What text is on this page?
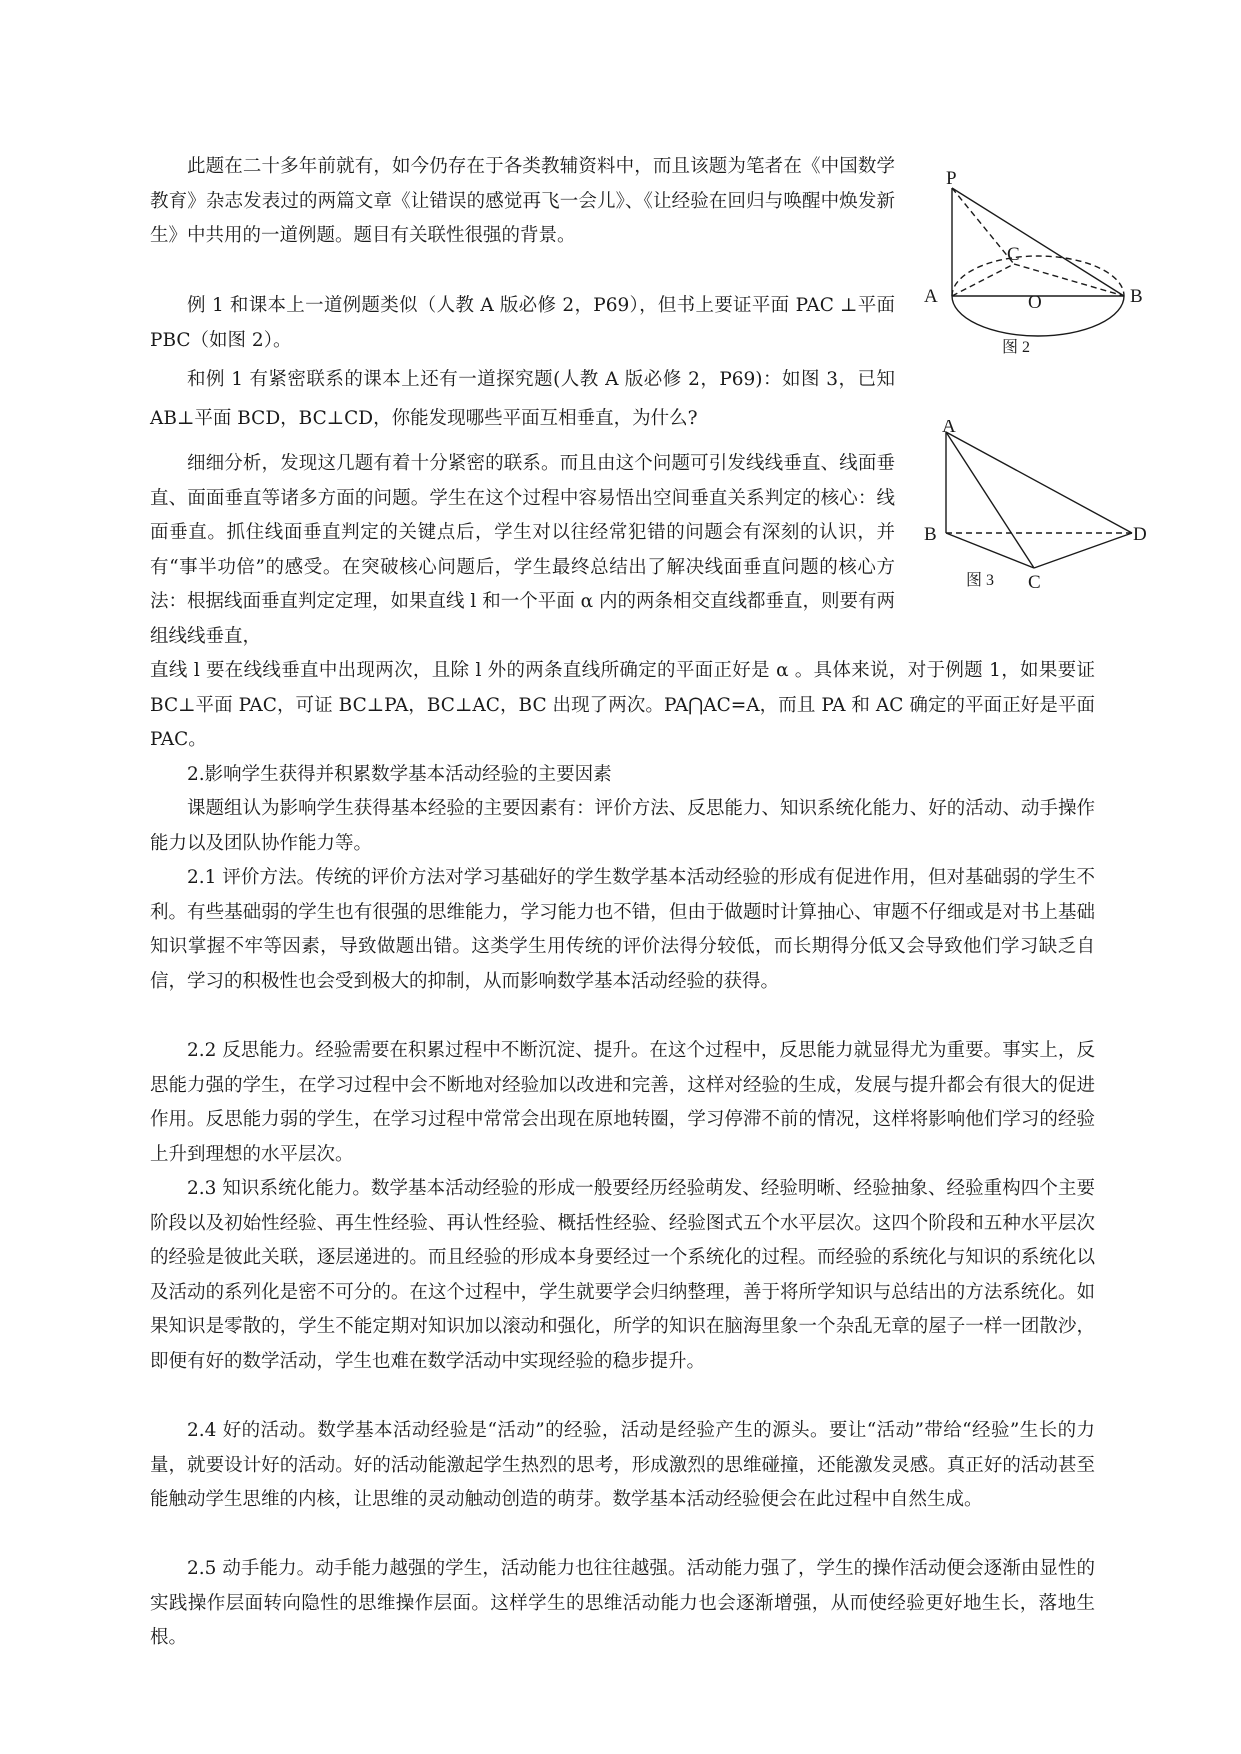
此题在二十多年前就有，如今仍存在于各类教辅资料中，而且该题为笔者在《中国数学教育》杂志发表过的两篇文章《让错误的感觉再飞一会儿》、《让经验在回归与唤醒中焕发新生》中共用的一道例题。题目有关联性很强的背景。

例 1 和课本上一道例题类似（人教 A 版必修 2，P69），但书上要证平面 PAC ⊥平面 PBC（如图 2）。

和例 1 有紧密联系的课本上还有一道探究题(人教 A 版必修 2，P69)：如图 3，已知 AB⊥平面 BCD，BC⊥CD，你能发现哪些平面互相垂直，为什么?

细细分析，发现这几题有着十分紧密的联系。而且由这个问题可引发线线垂直、线面垂直、面面垂直等诸多方面的问题。学生在这个过程中容易悟出空间垂直关系判定的核心：线面垂直。抓住线面垂直判定的关键点后，学生对以往经常犯错的问题会有深刻的认识，并有“事半功倍”的感受。在突破核心问题后，学生最终总结出了解决线面垂直问题的核心方法：根据线面垂直判定定理，如果直线 l 和一个平面 α 内的两条相交直线都垂直，则要有两组线线垂直，

直线 l 要在线线垂直中出现两次，且除 l 外的两条直线所确定的平面正好是 α 。具体来说，对于例题 1，如果要证 BC⊥平面 PAC，可证 BC⊥PA，BC⊥AC，BC 出现了两次。PA⋂AC=A，而且 PA 和 AC 确定的平面正好是平面 PAC。

2.影响学生获得并积累数学基本活动经验的主要因素

课题组认为影响学生获得基本经验的主要因素有：评价方法、反思能力、知识系统化能力、好的活动、动手操作能力以及团队协作能力等。

2.1 评价方法。传统的评价方法对学习基础好的学生数学基本活动经验的形成有促进作用，但对基础弱的学生不利。有些基础弱的学生也有很强的思维能力，学习能力也不错，但由于做题时计算抽心、审题不仔细或是对书上基础知识掌握不牢等因素，导致做题出错。这类学生用传统的评价法得分较低，而长期得分低又会导致他们学习缺乏自信，学习的积极性也会受到极大的抑制，从而影响数学基本活动经验的获得。

2.2 反思能力。经验需要在积累过程中不断沉淀、提升。在这个过程中，反思能力就显得尤为重要。事实上，反思能力强的学生，在学习过程中会不断地对经验加以改进和完善，这样对经验的生成，发展与提升都会有很大的促进作用。反思能力弱的学生，在学习过程中常常会出现在原地转圈，学习停滞不前的情况，这样将影响他们学习的经验上升到理想的水平层次。

2.3 知识系统化能力。数学基本活动经验的形成一般要经历经验萌发、经验明晰、经验抽象、经验重构四个主要阶段以及初始性经验、再生性经验、再认性经验、概括性经验、经验图式五个水平层次。这四个阶段和五种水平层次的经验是彼此关联，逐层递进的。而且经验的形成本身要经过一个系统化的过程。而经验的系统化与知识的系统化以及活动的系列化是密不可分的。在这个过程中，学生就要学会归纳整理，善于将所学知识与总结出的方法系统化。如果知识是零散的，学生不能定期对知识加以滚动和强化，所学的知识在脑海里象一个杂乱无章的屋子一样一团散沙，即便有好的数学活动，学生也难在数学活动中实现经验的稳步提升。

2.4 好的活动。数学基本活动经验是“活动”的经验，活动是经验产生的源头。要让“活动”带给“经验”生长的力量，就要设计好的活动。好的活动能激起学生热烈的思考，形成激烈的思维碰撞，还能激发灵感。真正好的活动甚至能触动学生思维的内核，让思维的灵动触动创造的萌芽。数学基本活动经验便会在此过程中自然生成。

2.5 动手能力。动手能力越强的学生，活动能力也往往越强。活动能力强了，学生的操作活动便会逐渐由显性的实践操作层面转向隐性的思维操作层面。这样学生的思维活动能力也会逐渐增强，从而使经验更好地生长，落地生根。

P
C
A	O	B
图 2
A
B
C
D
图 3
